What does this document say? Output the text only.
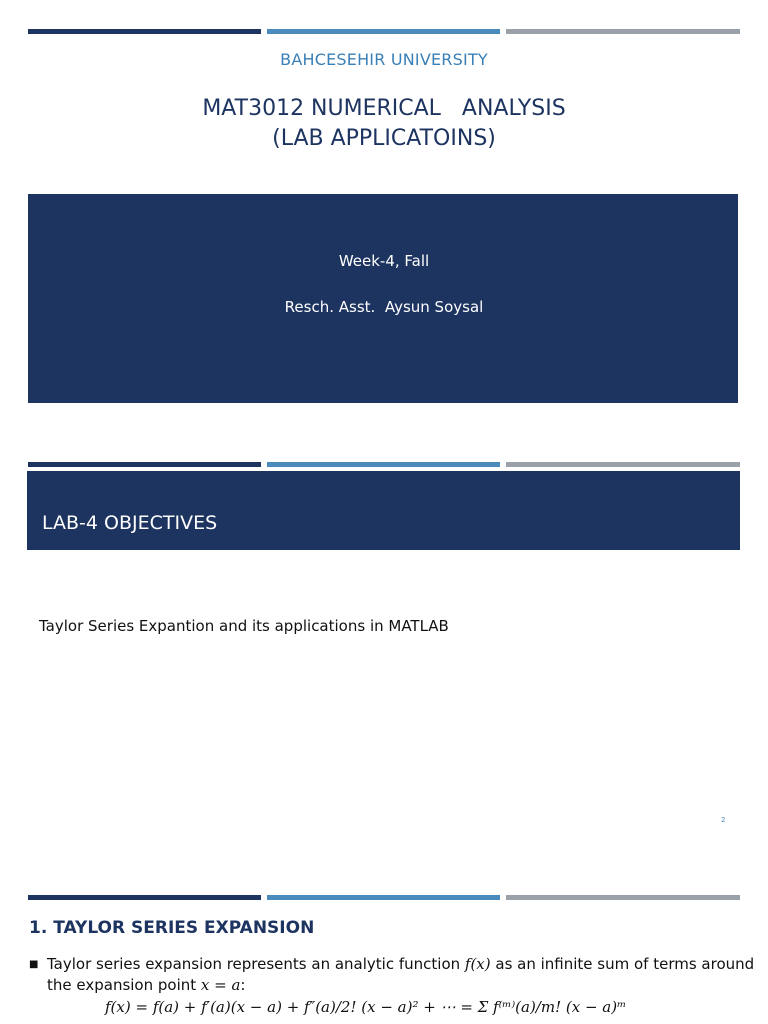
BAHCESEHIR UNIVERSITY
MAT3012 NUMERICAL   ANALYSIS
(LAB APPLICATOINS)
Week-4, Fall
Resch. Asst.  Aysun Soysal
LAB-4 OBJECTIVES
Taylor Series Expantion and its applications in MATLAB
2
1. TAYLOR SERIES EXPANSION
■ Taylor series expansion represents an analytic function f(x) as an infinite sum of terms around the expansion point x = a:
f(x) = f(a) + f′(a)(x − a) + f″(a)/2! (x − a)² + ⋯ = Σ f⁽ᵐ⁾(a)/m! (x − a)ᵐ
